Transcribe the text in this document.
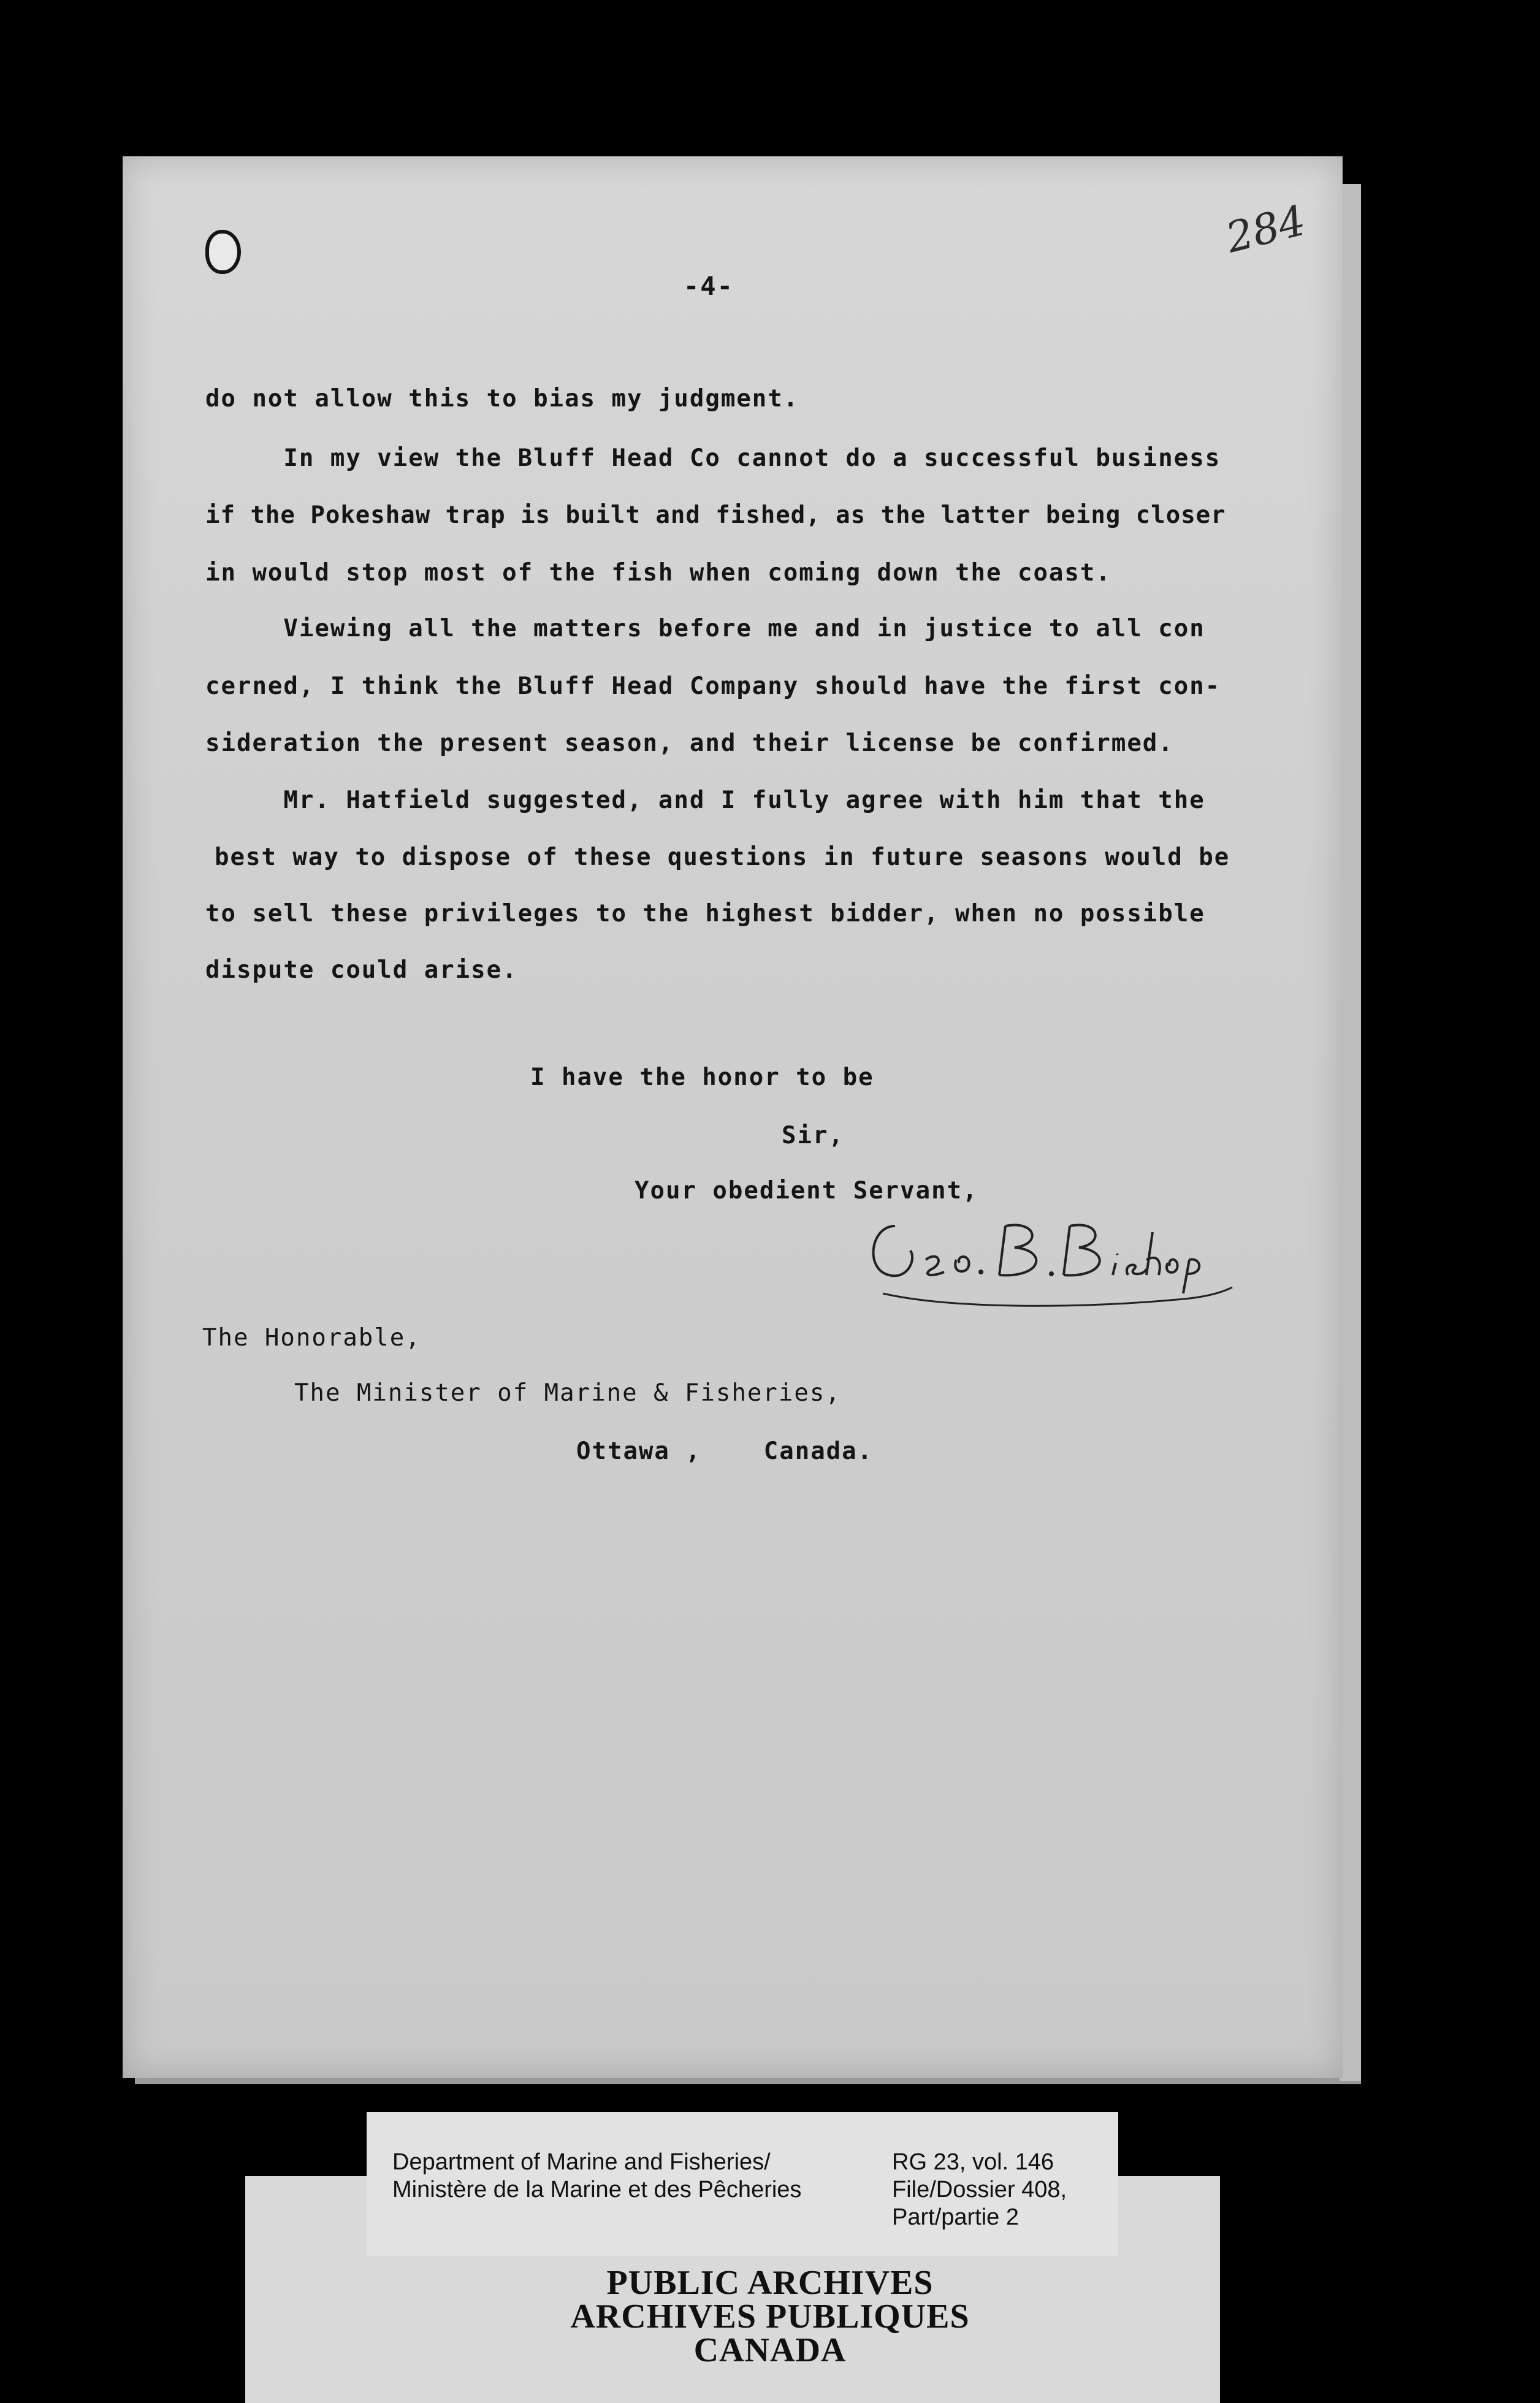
284
-4-
do not allow this to bias my judgment.
In my view the Bluff Head Co cannot do a successful business
if the Pokeshaw trap is built and fished, as the latter being closer
in would stop most of the fish when coming down the coast.
Viewing all the matters before me and in justice to all con
cerned, I think the Bluff Head Company should have the first con-
sideration the present season, and their license be confirmed.
Mr. Hatfield suggested, and I fully agree with him that the
best way to dispose of these questions in future seasons would be
to sell these privileges to the highest bidder, when no possible
dispute could arise.
I have the honor to be
Sir,
Your obedient Servant,
The Honorable,
The Minister of Marine & Fisheries,
Ottawa ,    Canada.
Department of Marine and Fisheries/
Ministère de la Marine et des Pêcheries
RG 23, vol. 146
File/Dossier 408,
Part/partie 2
PUBLIC ARCHIVES
ARCHIVES PUBLIQUES
CANADA
